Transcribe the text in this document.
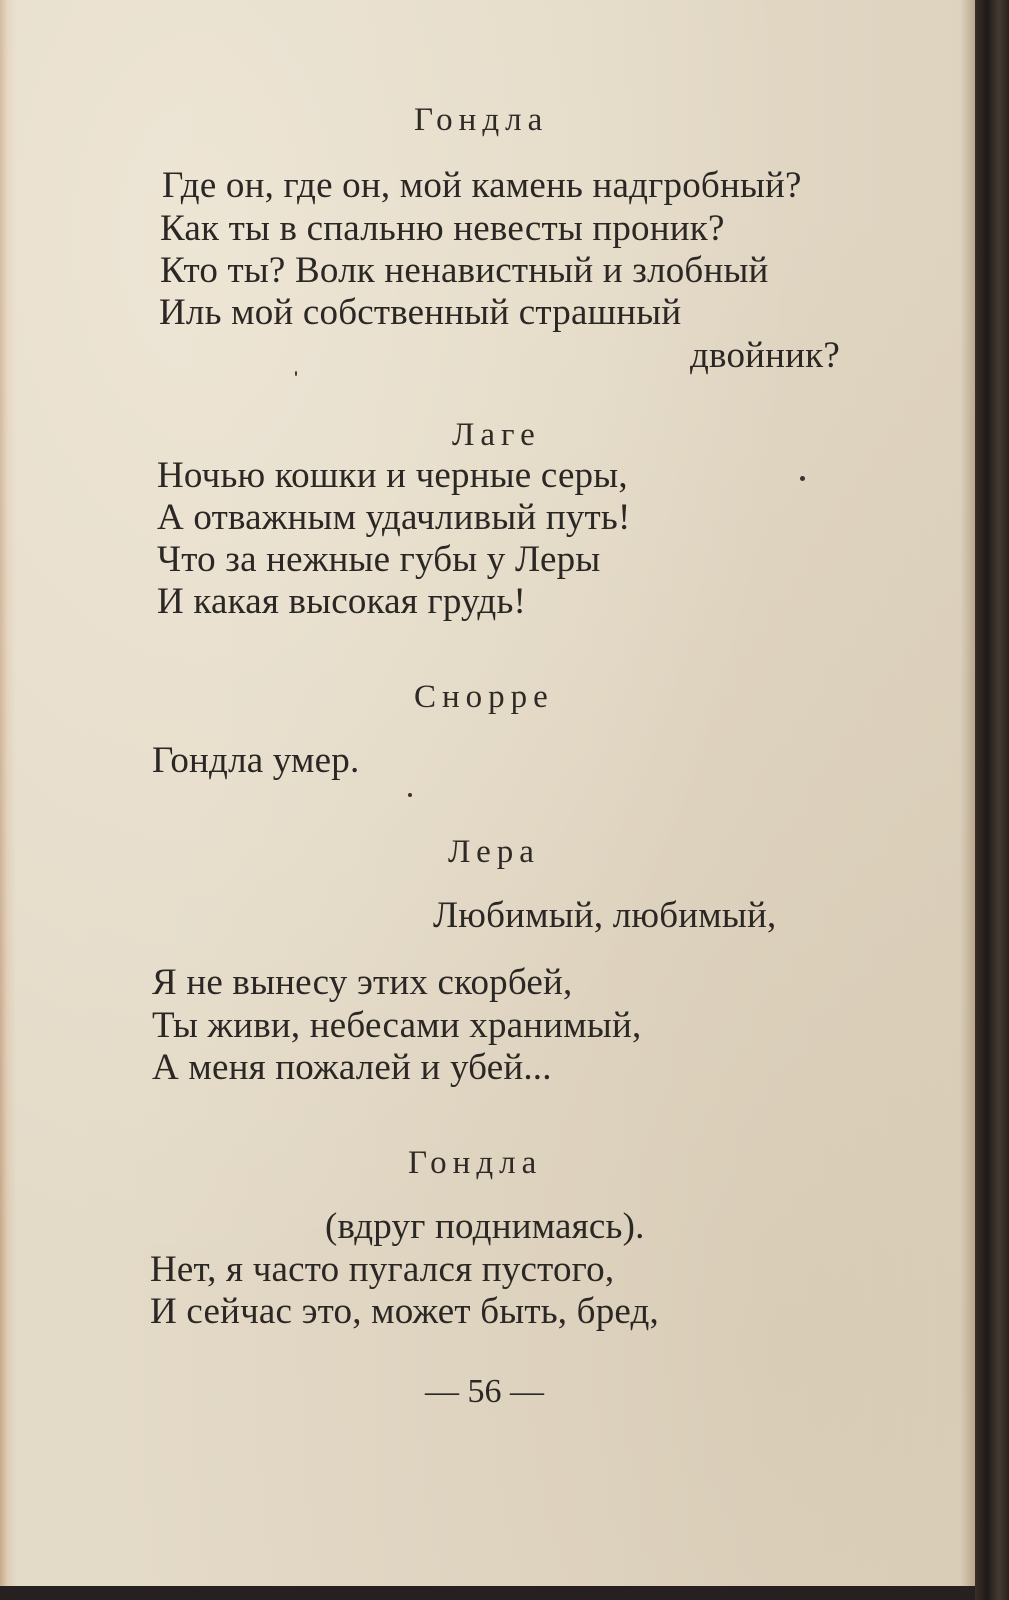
Гондла
Где он, где он, мой камень надгробный?
Как ты в спальню невесты проник?
Кто ты? Волк ненавистный и злобный
Иль мой собственный страшный
двойник?
Лаге
Ночью кошки и черные серы,
А отважным удачливый путь!
Что за нежные губы у Леры
И какая высокая грудь!
Снорре
Гондла умер.
Лера
Любимый, любимый,
Я не вынесу этих скорбей,
Ты живи, небесами хранимый,
А меня пожалей и убей...
Гондла
(вдруг поднимаясь).
Нет, я часто пугался пустого,
И сейчас это, может быть, бред,
— 56 —
